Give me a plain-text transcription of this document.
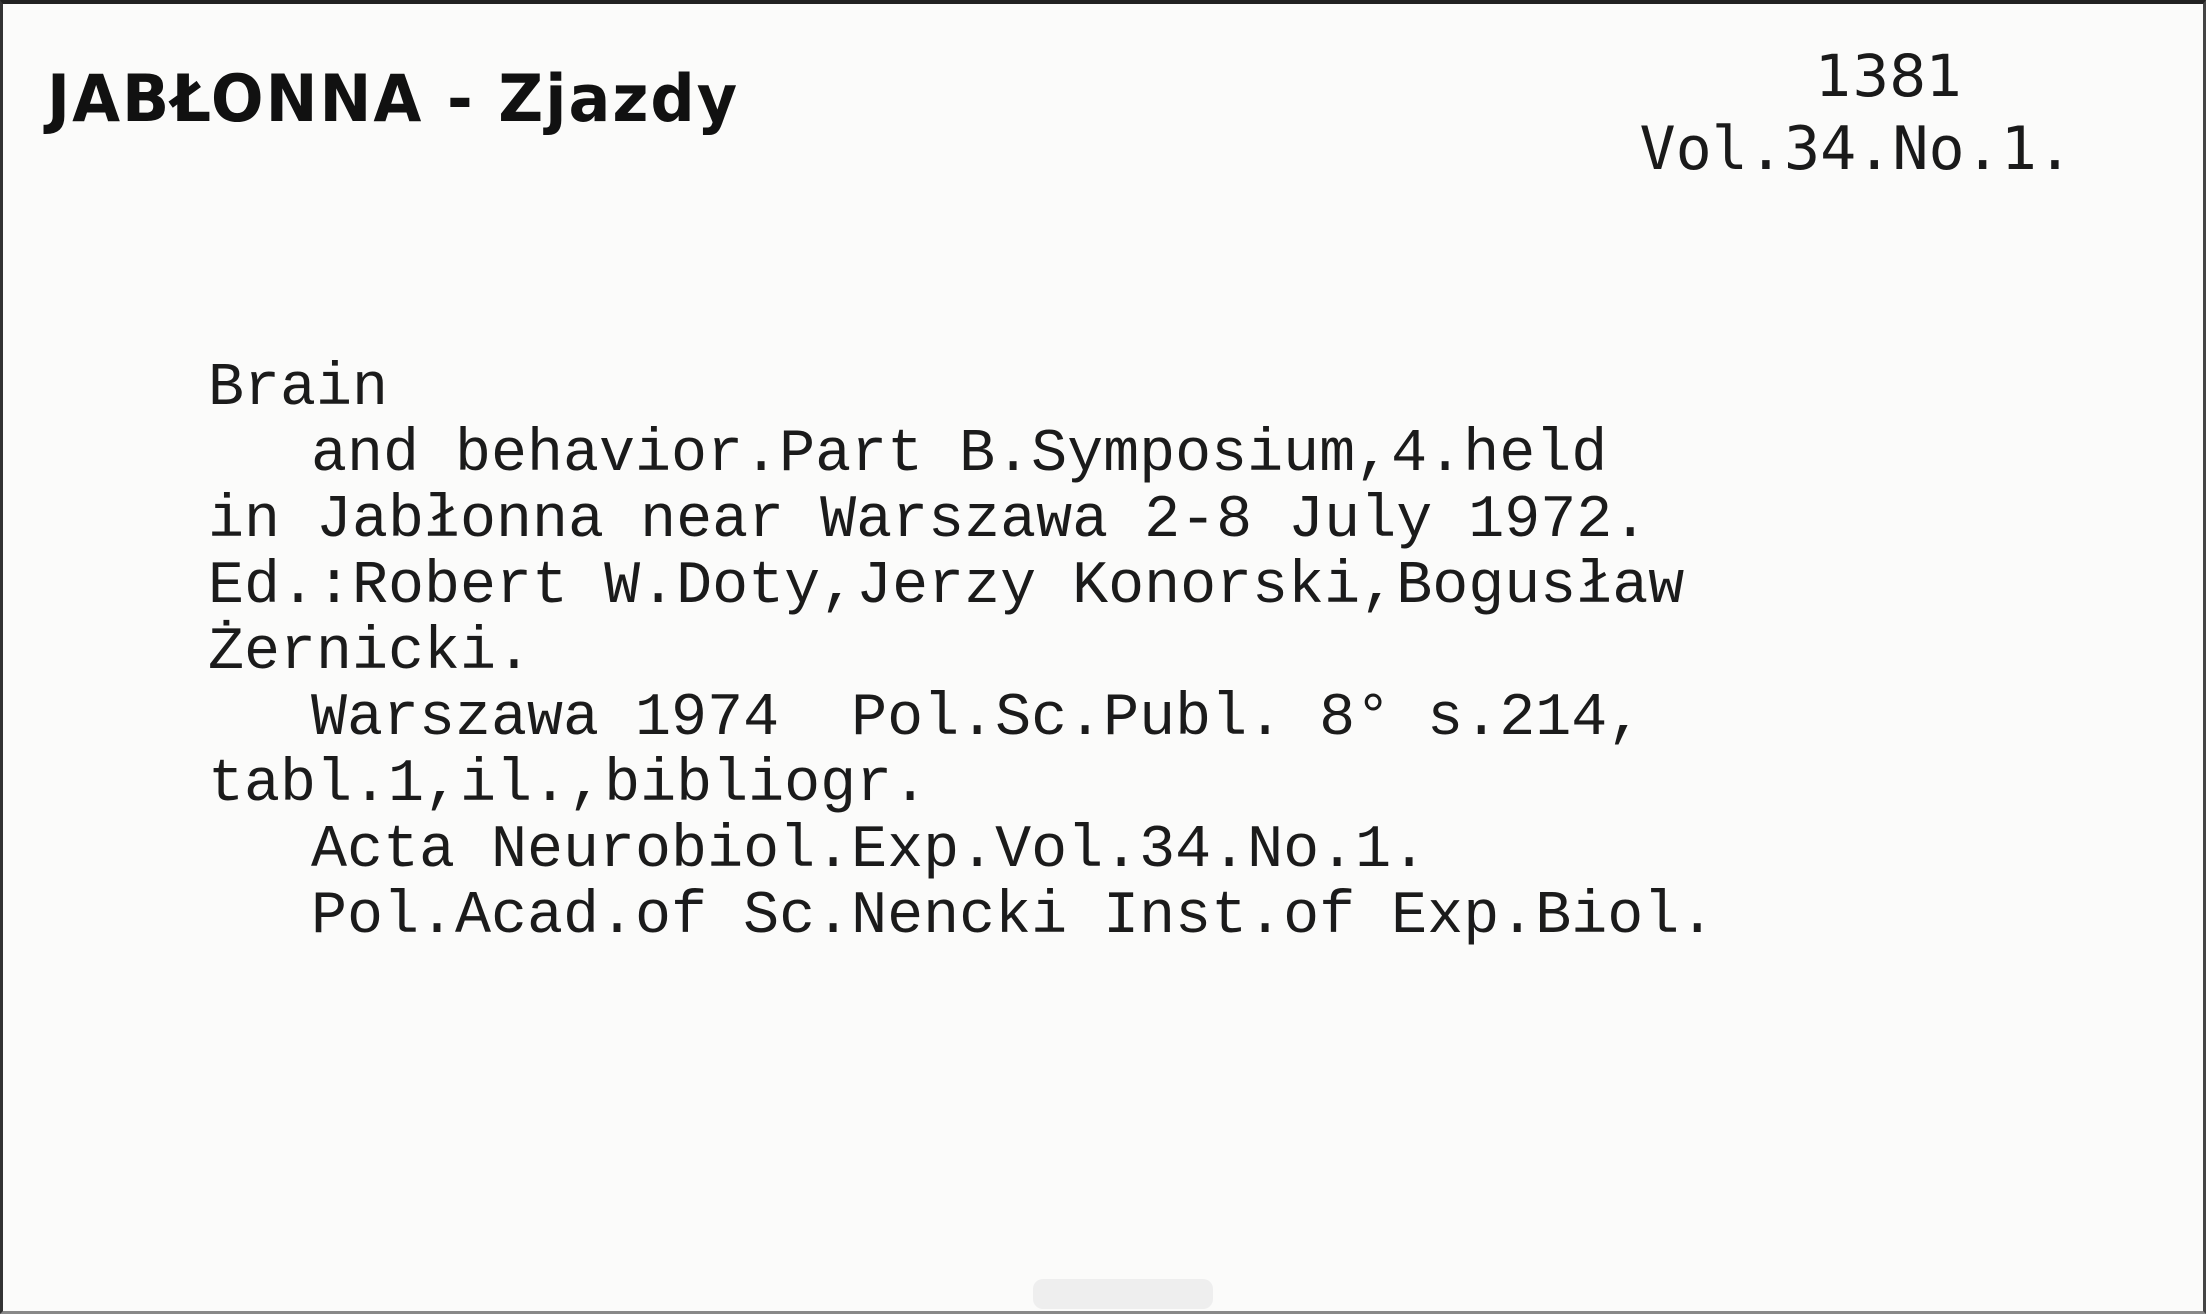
JABŁONNA - Zjazdy	1381
Vol.34.No.1.
Brain
and behavior.Part B.Symposium,4.held
in Jabłonna near Warszawa 2-8 July 1972.
Ed.:Robert W.Doty,Jerzy Konorski,Bogusław
Żernicki.
Warszawa 1974  Pol.Sc.Publ. 8° s.214,
tabl.1,il.,bibliogr.
Acta Neurobiol.Exp.Vol.34.No.1.
Pol.Acad.of Sc.Nencki Inst.of Exp.Biol.
